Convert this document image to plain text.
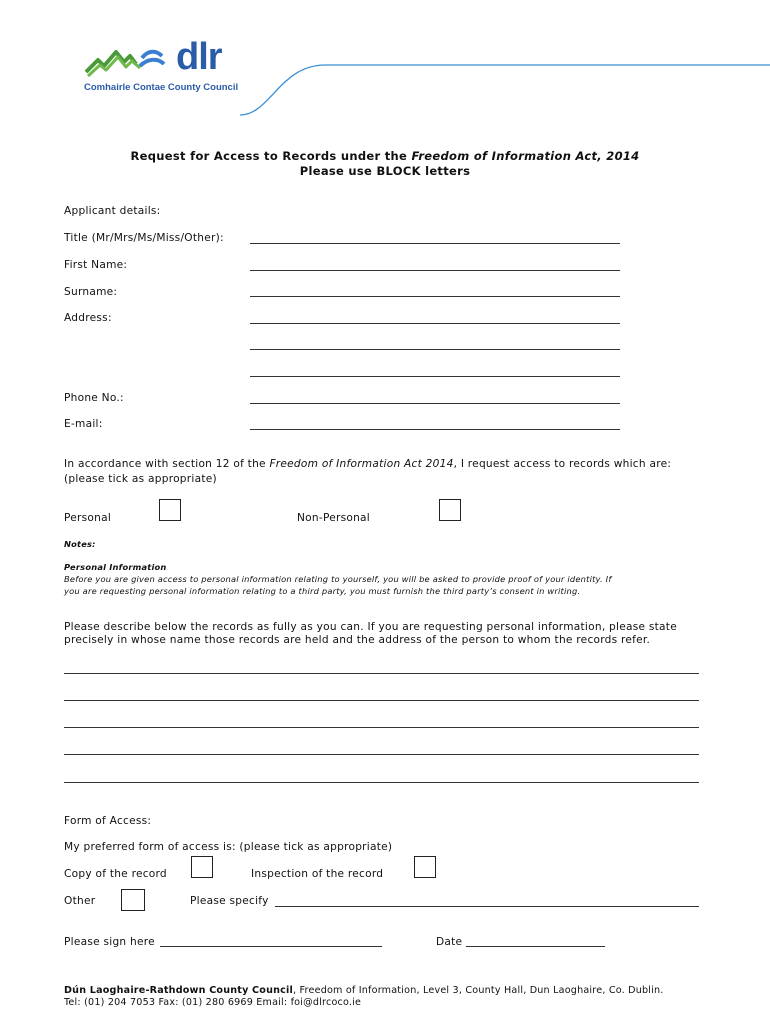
dlr
Comhairle Contae County Council
Request for Access to Records under the Freedom of Information Act, 2014
Please use BLOCK letters
Applicant details:
Title (Mr/Mrs/Ms/Miss/Other):
First Name:
Surname:
Address:
Phone No.:
E-mail:
In accordance with section 12 of the Freedom of Information Act 2014, I request access to records which are:
(please tick as appropriate)
Personal	Non-Personal
Notes:
Personal Information
Before you are given access to personal information relating to yourself, you will be asked to provide proof of your identity. If
you are requesting personal information relating to a third party, you must furnish the third party’s consent in writing.
Please describe below the records as fully as you can. If you are requesting personal information, please state
precisely in whose name those records are held and the address of the person to whom the records refer.
Form of Access:
My preferred form of access is: (please tick as appropriate)
Copy of the record	Inspection of the record
Other	Please specify
Please sign here	Date
Dún Laoghaire-Rathdown County Council, Freedom of Information, Level 3, County Hall, Dun Laoghaire, Co. Dublin.
Tel: (01) 204 7053 Fax: (01) 280 6969 Email: foi@dlrcoco.ie
